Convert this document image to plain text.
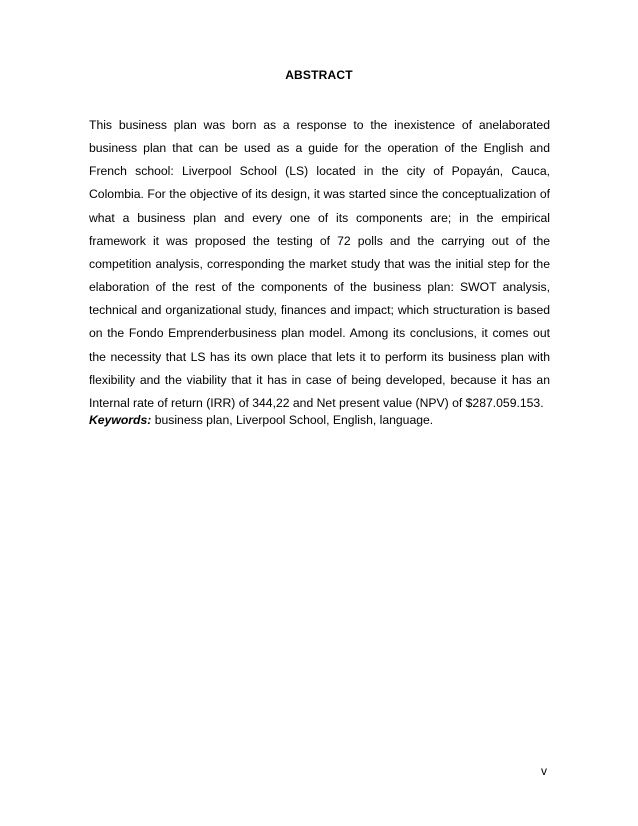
ABSTRACT

This business plan was born as a response to the inexistence of anelaborated business plan that can be used as a guide for the operation of the English and French school: Liverpool School (LS) located in the city of Popayán, Cauca, Colombia. For the objective of its design, it was started since the conceptualization of what a business plan and every one of its components are; in the empirical framework it was proposed the testing of 72 polls and the carrying out of the competition analysis, corresponding the market study that was the initial step for the elaboration of the rest of the components of the business plan: SWOT analysis, technical and organizational study, finances and impact; which structuration is based on the Fondo Emprenderbusiness plan model. Among its conclusions, it comes out the necessity that LS has its own place that lets it to perform its business plan with flexibility and the viability that it has in case of being developed, because it has an Internal rate of return (IRR) of 344,22 and Net present value (NPV) of $287.059.153.

Keywords: business plan, Liverpool School, English, language.

v
